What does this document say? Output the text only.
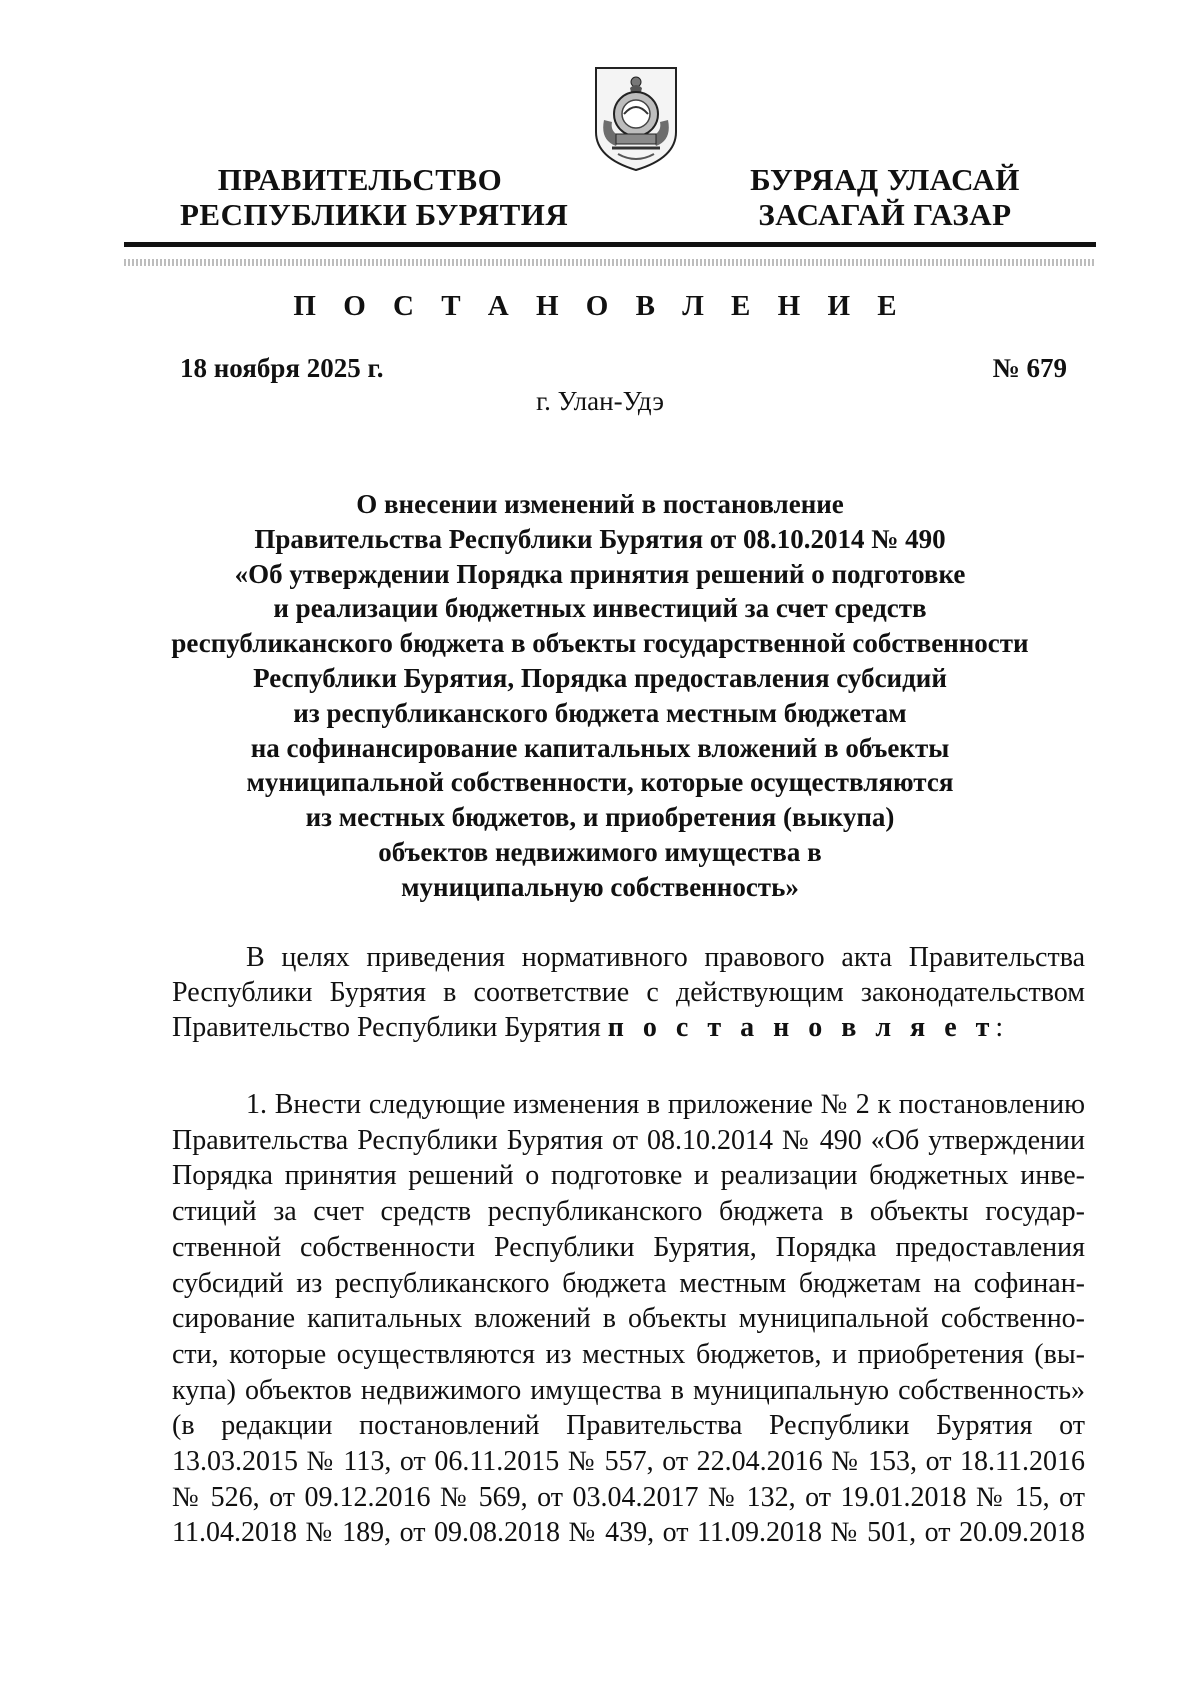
ПРАВИТЕЛЬСТВО
РЕСПУБЛИКИ БУРЯТИЯ
БУРЯАД УЛАСАЙ
ЗАСАГАЙ ГАЗАР
П О С Т А Н О В Л Е Н И Е
18 ноября 2025 г.	№ 679
г. Улан-Удэ
О внесении изменений в постановление
Правительства Республики Бурятия от 08.10.2014 № 490
«Об утверждении Порядка принятия решений о подготовке
и реализации бюджетных инвестиций за счет средств
республиканского бюджета в объекты государственной собственности
Республики Бурятия, Порядка предоставления субсидий
из республиканского бюджета местным бюджетам
на софинансирование капитальных вложений в объекты
муниципальной собственности, которые осуществляются
из местных бюджетов, и приобретения (выкупа)
объектов недвижимого имущества в
муниципальную собственность»
В целях приведения нормативного правового акта Правительства
Республики Бурятия в соответствие с действующим законодательством
Правительство Республики Бурятия п о с т а н о в л я е т:
1. Внести следующие изменения в приложение № 2 к постановлению
Правительства Республики Бурятия от 08.10.2014 № 490 «Об утверждении
Порядка принятия решений о подготовке и реализации бюджетных инве-
стиций за счет средств республиканского бюджета в объекты государ-
ственной собственности Республики Бурятия, Порядка предоставления
субсидий из республиканского бюджета местным бюджетам на софинан-
сирование капитальных вложений в объекты муниципальной собственно-
сти, которые осуществляются из местных бюджетов, и приобретения (вы-
купа) объектов недвижимого имущества в муниципальную собственность»
(в редакции постановлений Правительства Республики Бурятия от
13.03.2015 № 113, от 06.11.2015 № 557, от 22.04.2016 № 153, от 18.11.2016
№ 526, от 09.12.2016 № 569, от 03.04.2017 № 132, от 19.01.2018 № 15, от
11.04.2018 № 189, от 09.08.2018 № 439, от 11.09.2018 № 501, от 20.09.2018
